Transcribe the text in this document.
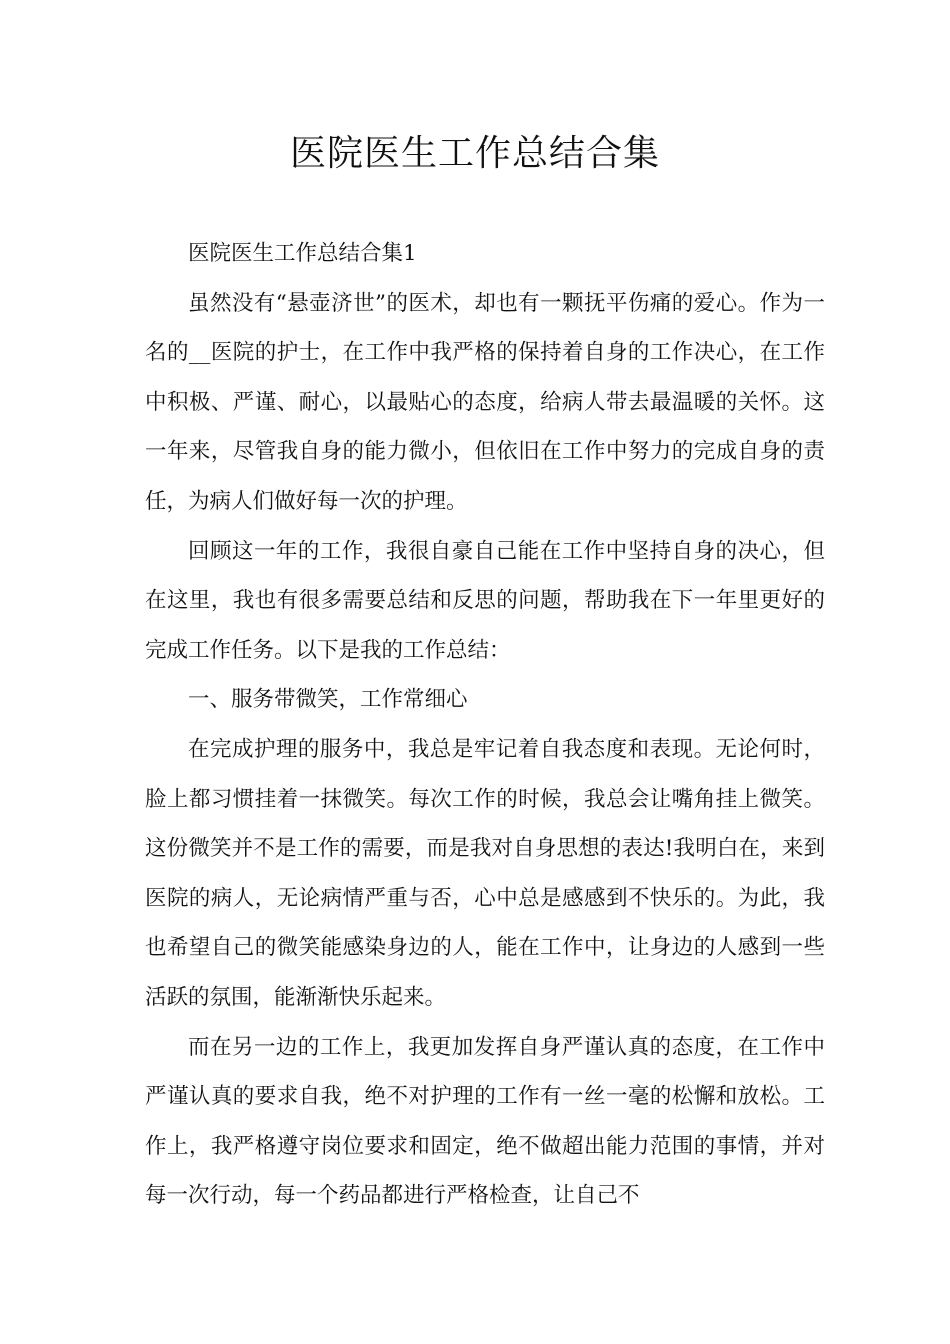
医院医生工作总结合集

医院医生工作总结合集1

虽然没有“悬壶济世”的医术，却也有一颗抚平伤痛的爱心。作为一名的__医院的护士，在工作中我严格的保持着自身的工作决心，在工作中积极、严谨、耐心，以最贴心的态度，给病人带去最温暖的关怀。这一年来，尽管我自身的能力微小，但依旧在工作中努力的完成自身的责任，为病人们做好每一次的护理。

回顾这一年的工作，我很自豪自己能在工作中坚持自身的决心，但在这里，我也有很多需要总结和反思的问题，帮助我在下一年里更好的完成工作任务。以下是我的工作总结：

一、服务带微笑，工作常细心

在完成护理的服务中，我总是牢记着自我态度和表现。无论何时，脸上都习惯挂着一抹微笑。每次工作的时候，我总会让嘴角挂上微笑。这份微笑并不是工作的需要，而是我对自身思想的表达!我明白在，来到医院的病人，无论病情严重与否，心中总是感感到不快乐的。为此，我也希望自己的微笑能感染身边的人，能在工作中，让身边的人感到一些活跃的氛围，能渐渐快乐起来。

而在另一边的工作上，我更加发挥自身严谨认真的态度，在工作中严谨认真的要求自我，绝不对护理的工作有一丝一毫的松懈和放松。工作上，我严格遵守岗位要求和固定，绝不做超出能力范围的事情，并对每一次行动，每一个药品都进行严格检查，让自己不
